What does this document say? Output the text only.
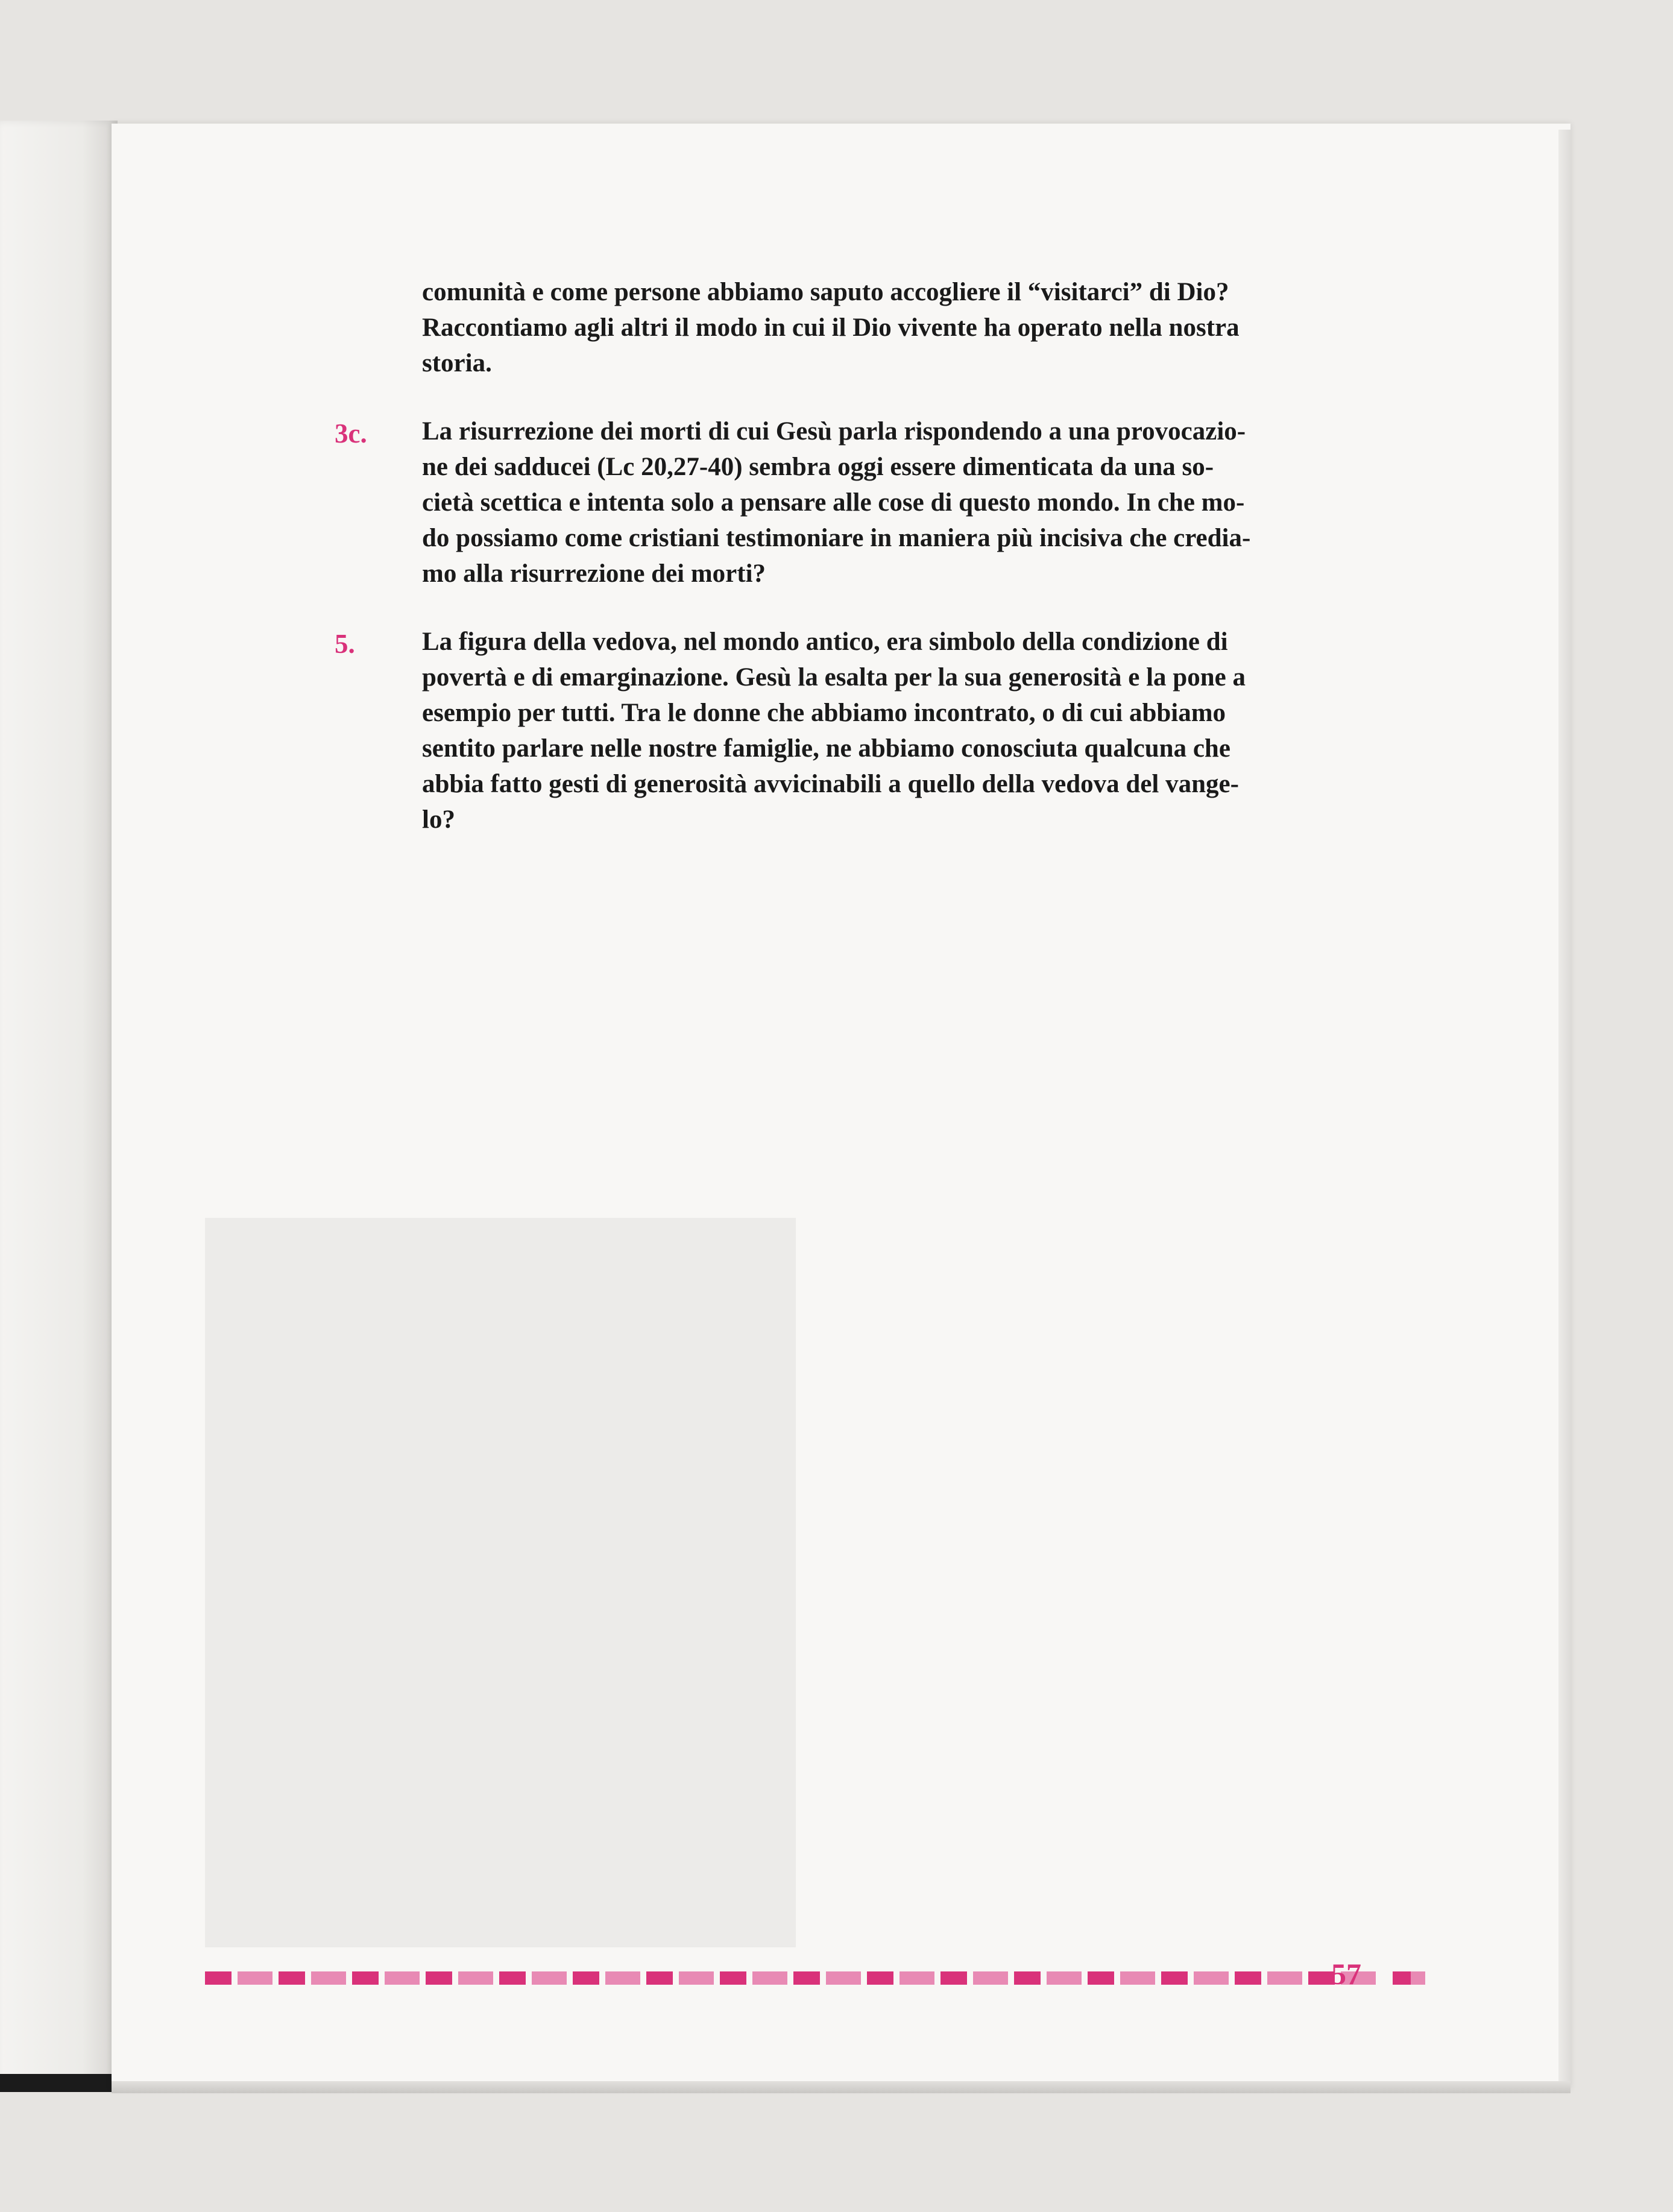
comunità e come persone abbiamo saputo accogliere il “visitarci” di Dio?
Raccontiamo agli altri il modo in cui il Dio vivente ha operato nella nostra
storia.
3c. La risurrezione dei morti di cui Gesù parla rispondendo a una provocazio-
ne dei sadducei (Lc 20,27-40) sembra oggi essere dimenticata da una so-
cietà scettica e intenta solo a pensare alle cose di questo mondo. In che mo-
do possiamo come cristiani testimoniare in maniera più incisiva che crediа-
mo alla risurrezione dei morti?
5.	La figura della vedova, nel mondo antico, era simbolo della condizione di
povertà e di emarginazione. Gesù la esalta per la sua generosità e la pone a
esempio per tutti. Tra le donne che abbiamo incontrato, o di cui abbiamo
sentito parlare nelle nostre famiglie, ne abbiamo conosciuta qualcuna che
abbia fatto gesti di generosità avvicinabili a quello della vedova del vange-
lo?
57
